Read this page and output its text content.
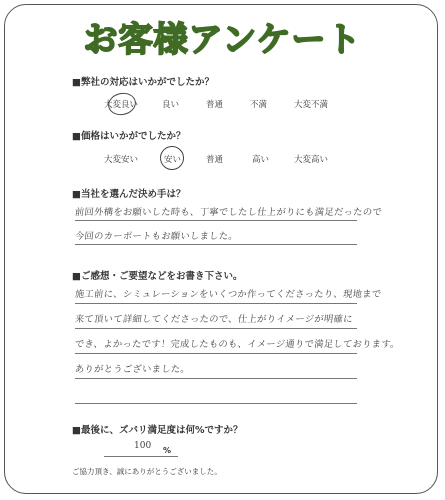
お客様アンケート
■弊社の対応はいかがでしたか？
大変良い	良い	普通	不満	大変不満
■価格はいかがでしたか？
大変安い	安い	普通	高い	大変高い
■当社を選んだ決め手は？
前回外構をお願いした時も、丁寧でしたし仕上がりにも満足だったので
今回のカーポートもお願いしました。
■ご感想・ご要望などをお書き下さい。
施工前に、シミュレーションをいくつか作ってくださったり、現地まで
来て頂いて詳細してくださったので、仕上がりイメージが明確に
でき、よかったです！完成したものも、イメージ通りで満足しております。
ありがとうございました。
■最後に、ズバリ満足度は何%ですか？
100 %
ご協力頂き、誠にありがとうございました。
